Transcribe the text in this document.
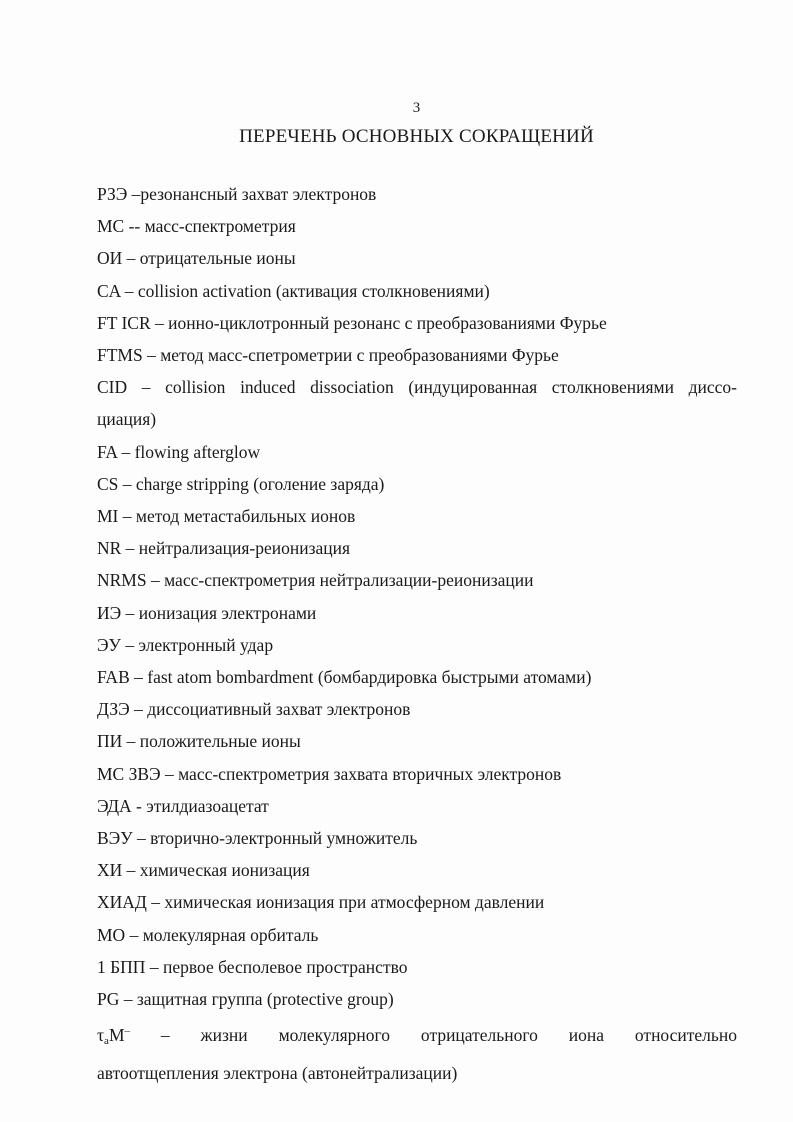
3
ПЕРЕЧЕНЬ ОСНОВНЫХ СОКРАЩЕНИЙ
РЗЭ –резонансный захват электронов
МС -- масс-спектрометрия
ОИ – отрицательные ионы
CA – collision activation (активация столкновениями)
FT ICR – ионно-циклотронный резонанс с преобразованиями Фурье
FTMS – метод масс-спетрометрии с преобразованиями Фурье
CID – collision induced dissociation (индуцированная столкновениями диссо-
циация)
FA – flowing afterglow
CS – charge stripping (оголение заряда)
MI – метод метастабильных ионов
NR – нейтрализация-реионизация
NRMS – масс-спектрометрия нейтрализации-реионизации
ИЭ – ионизация электронами
ЭУ – электронный удар
FAB – fast atom bombardment (бомбардировка быстрыми атомами)
ДЗЭ – диссоциативный захват электронов
ПИ – положительные ионы
МС ЗВЭ – масс-спектрометрия захвата вторичных электронов
ЭДА - этилдиазоацетат
ВЭУ – вторично-электронный умножитель
ХИ – химическая ионизация
ХИАД – химическая ионизация при атмосферном давлении
МО – молекулярная орбиталь
1 БПП – первое бесполевое пространство
PG – защитная группа (protective group)
$\tau_aM^-$ – жизни молекулярного отрицательного иона относительно
автоотщепления электрона (автонейтрализации)
